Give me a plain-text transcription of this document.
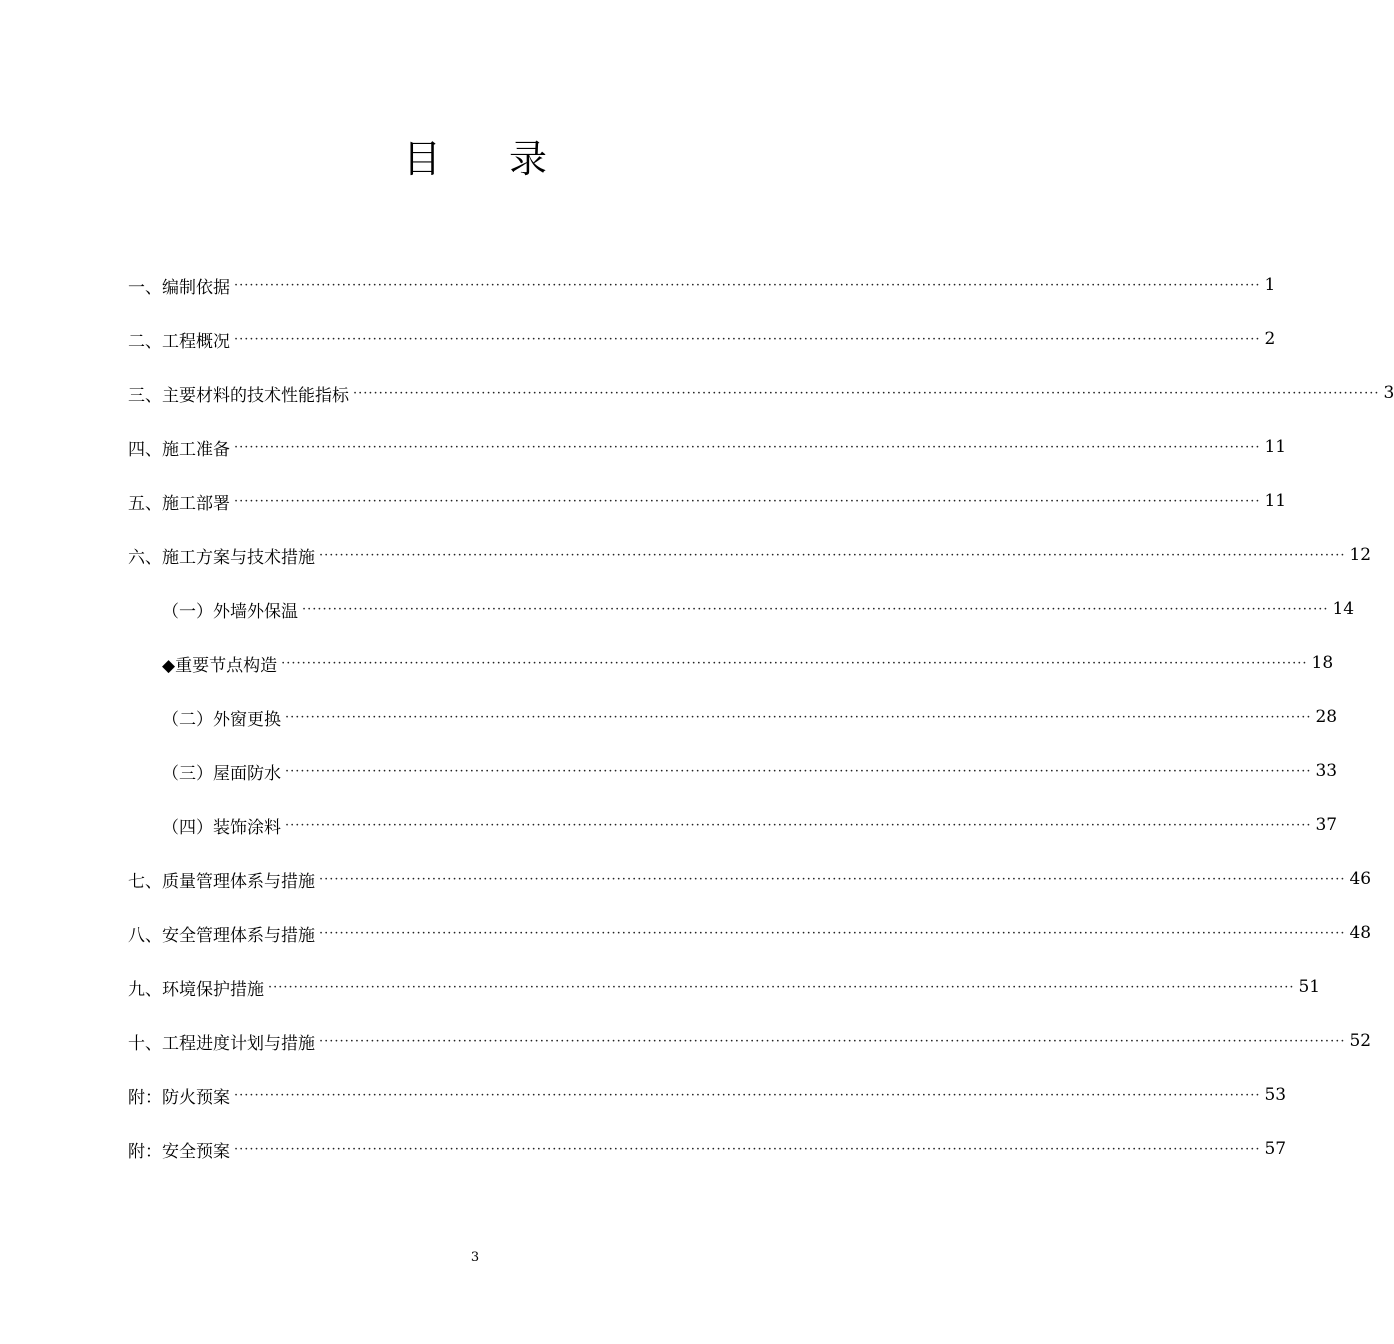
目 录
一、编制依据 ········································································································································································································ 1
二、工程概况 ········································································································································································································ 2
三、主要材料的技术性能指标 ········································································································································································································ 3
四、施工准备 ········································································································································································································ 11
五、施工部署 ········································································································································································································ 11
六、施工方案与技术措施 ········································································································································································································ 12
（一）外墙外保温 ········································································································································································································ 14
◆重要节点构造 ········································································································································································································ 18
（二）外窗更换 ········································································································································································································ 28
（三）屋面防水 ········································································································································································································ 33
（四）装饰涂料 ········································································································································································································ 37
七、质量管理体系与措施 ········································································································································································································ 46
八、安全管理体系与措施 ········································································································································································································ 48
九、环境保护措施 ········································································································································································································ 51
十、工程进度计划与措施 ········································································································································································································ 52
附：防火预案 ········································································································································································································ 53
附：安全预案 ········································································································································································································ 57
3
